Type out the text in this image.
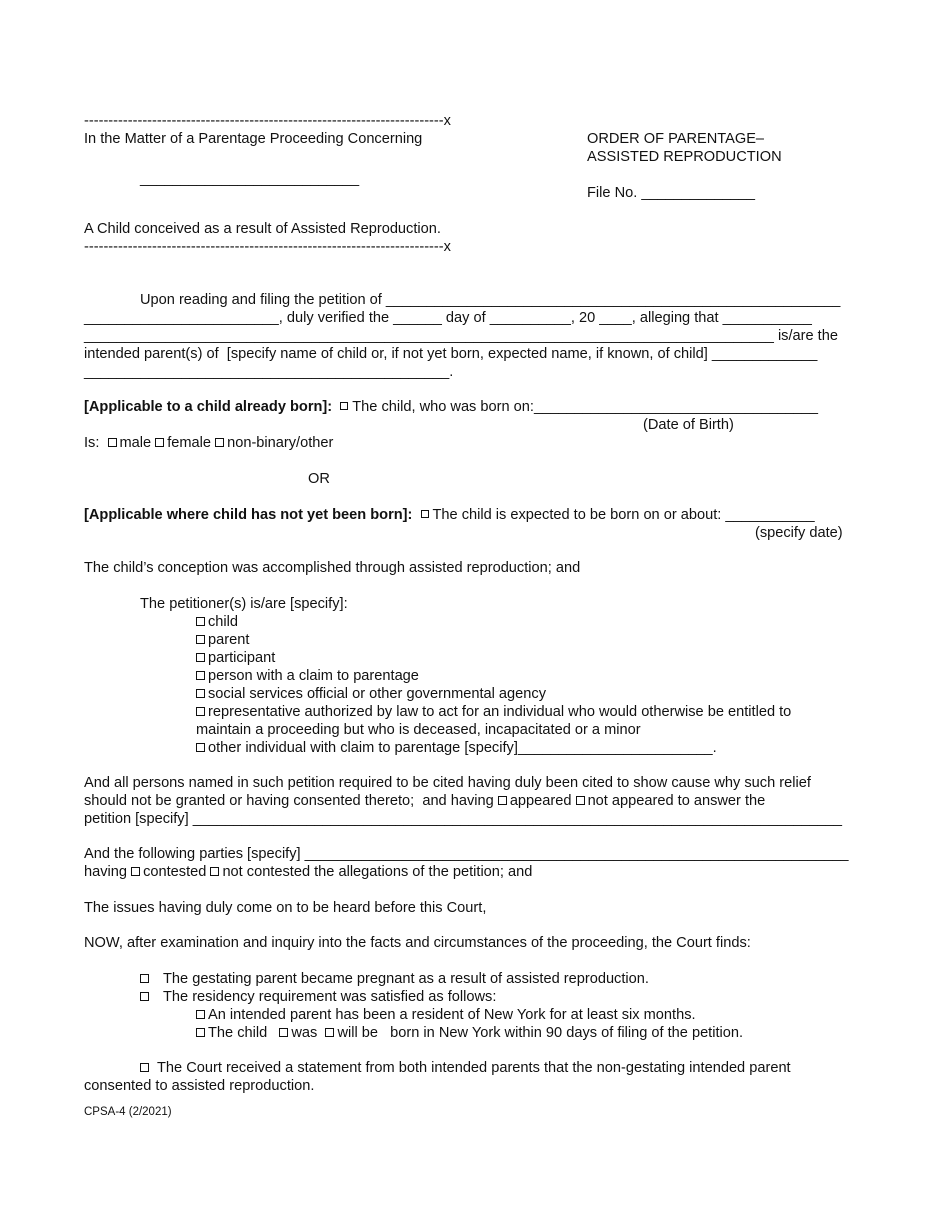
--------------------------------------------------------------------------x
In the Matter of a Parentage Proceeding Concerning
___________________________
A Child conceived as a result of Assisted Reproduction.
--------------------------------------------------------------------------x
ORDER OF PARENTAGE–
ASSISTED REPRODUCTION
File No. ______________
Upon reading and filing the petition of ________________________________________________________
________________________, duly verified the ______ day of __________, 20 ____, alleging that ___________
_____________________________________________________________________________________ is/are the
intended parent(s) of  [specify name of child or, if not yet born, expected name, if known, of child] _____________
_____________________________________________.
[Applicable to a child already born]: The child, who was born on:___________________________________
(Date of Birth)
Is: male female non-binary/other
OR
[Applicable where child has not yet been born]: The child is expected to be born on or about: ___________
(specify date)
The child’s conception was accomplished through assisted reproduction; and
The petitioner(s) is/are [specify]:
child
parent
participant
person with a claim to parentage
social services official or other governmental agency
representative authorized by law to act for an individual who would otherwise be entitled to
maintain a proceeding but who is deceased, incapacitated or a minor
other individual with claim to parentage [specify]________________________.
And all persons named in such petition required to be cited having duly been cited to show cause why such relief
should not be granted or having consented thereto;  and having appeared not appeared to answer the
petition [specify] ________________________________________________________________________________
And the following parties [specify] ___________________________________________________________________
having contested not contested the allegations of the petition; and
The issues having duly come on to be heard before this Court,
NOW, after examination and inquiry into the facts and circumstances of the proceeding, the Court finds:
The gestating parent became pregnant as a result of assisted reproduction.
The residency requirement was satisfied as follows:
An intended parent has been a resident of New York for at least six months.
The child was will be   born in New York within 90 days of filing of the petition.
The Court received a statement from both intended parents that the non-gestating intended parent
consented to assisted reproduction.
CPSA-4 (2/2021)
